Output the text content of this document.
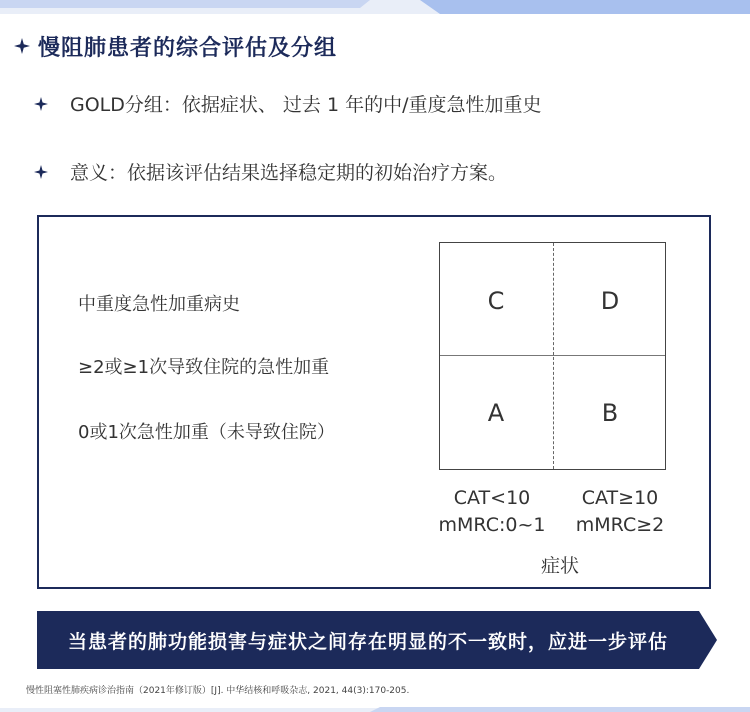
慢阻肺患者的综合评估及分组
GOLD分组：依据症状、 过去 1 年的中/重度急性加重史
意义：依据该评估结果选择稳定期的初始治疗方案。
中重度急性加重病史
≥2或≥1次导致住院的急性加重
0或1次急性加重（未导致住院）
C	D
A	B
CAT<10
mMRC:0~1
CAT≥10
mMRC≥2
症状
当患者的肺功能损害与症状之间存在明显的不一致时，应进一步评估
慢性阻塞性肺疾病诊治指南（2021年修订版）[J]. 中华结核和呼吸杂志, 2021, 44(3):170-205.
